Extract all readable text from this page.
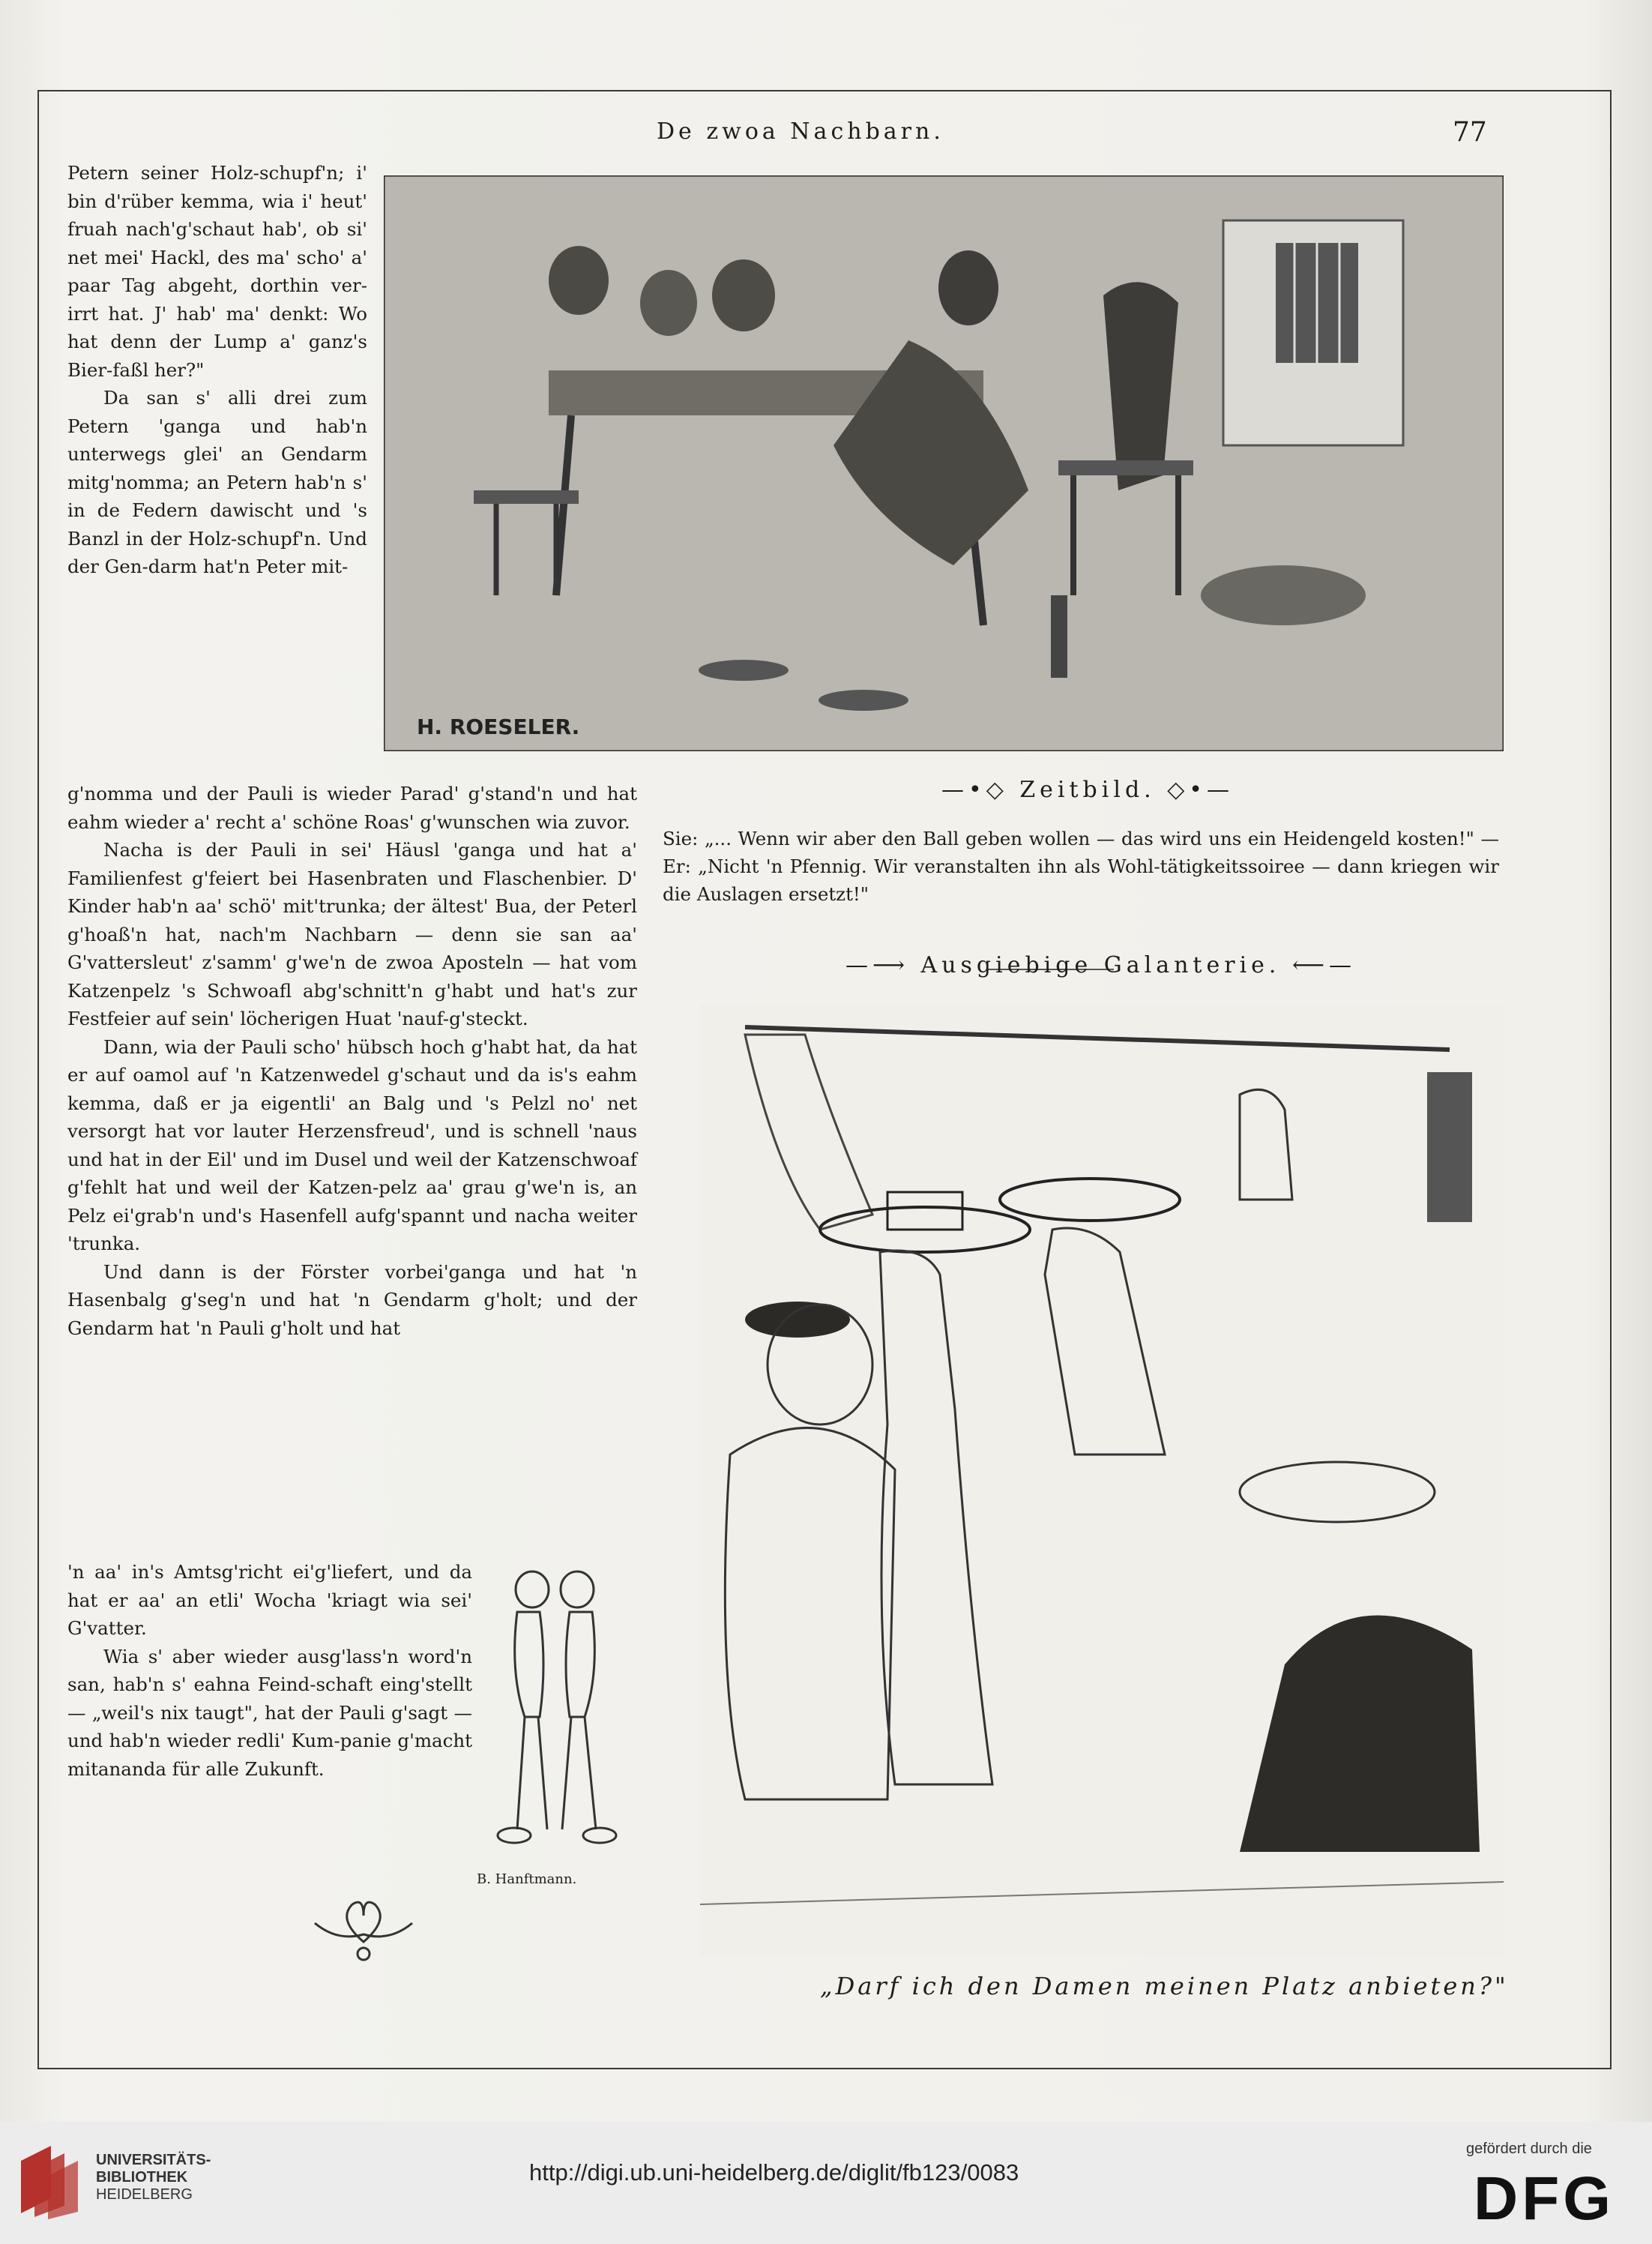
De zwoa Nachbarn.	77

Petern seiner Holz-schupf'n; i' bin d'rüber kemma, wia i' heut' fruah nach'g'schaut hab', ob si' net mei' Hackl, des ma' scho' a' paar Tag abgeht, dorthin ver-irrt hat. J' hab' ma' denkt: Wo hat denn der Lump a' ganz's Bier-faßl her?"

Da san s' alli drei zum Petern 'ganga und hab'n unterwegs glei' an Gendarm mitg'nomma; an Petern hab'n s' in de Federn dawischt und 's Banzl in der Holz-schupf'n. Und der Gen-darm hat'n Peter mit-

H. ROESELER.

g'nomma und der Pauli is wieder Parad' g'stand'n und hat eahm wieder a' recht a' schöne Roas' g'wunschen wia zuvor.

Nacha is der Pauli in sei' Häusl 'ganga und hat a' Familienfest g'feiert bei Hasenbraten und Flaschenbier. D' Kinder hab'n aa' schö' mit'trunka; der ältest' Bua, der Peterl g'hoaß'n hat, nach'm Nachbarn — denn sie san aa' G'vattersleut' z'samm' g'we'n de zwoa Aposteln — hat vom Katzenpelz 's Schwoafl abg'schnitt'n g'habt und hat's zur Festfeier auf sein' löcherigen Huat 'nauf-g'steckt.

Dann, wia der Pauli scho' hübsch hoch g'habt hat, da hat er auf oamol auf 'n Katzenwedel g'schaut und da is's eahm kemma, daß er ja eigentli' an Balg und 's Pelzl no' net versorgt hat vor lauter Herzensfreud', und is schnell 'naus und hat in der Eil' und im Dusel und weil der Katzenschwoaf g'fehlt hat und weil der Katzen-pelz aa' grau g'we'n is, an Pelz ei'grab'n und's Hasenfell aufg'spannt und nacha weiter 'trunka.

Und dann is der Förster vorbei'ganga und hat 'n Hasenbalg g'seg'n und hat 'n Gendarm g'holt; und der Gendarm hat 'n Pauli g'holt und hat

'n aa' in's Amtsg'richt ei'g'liefert, und da hat er aa' an etli' Wocha 'kriagt wia sei' G'vatter.

Wia s' aber wieder ausg'lass'n word'n san, hab'n s' eahna Feind-schaft eing'stellt — „weil's nix taugt", hat der Pauli g'sagt — und hab'n wieder redli' Kum-panie g'macht mitananda für alle Zukunft.

B. Hanftmann.
—•◇ Zeitbild. ◇•—
Sie: „... Wenn wir aber den Ball geben wollen — das wird uns ein Heidengeld kosten!" — Er: „Nicht 'n Pfennig. Wir veranstalten ihn als Wohl-tätigkeitssoiree — dann kriegen wir die Auslagen ersetzt!"
—⟶ Ausgiebige Galanterie. ⟵—
„Darf ich den Damen meinen Platz anbieten?"
UNIVERSITÄTS-
BIBLIOTHEK
HEIDELBERG
http://digi.ub.uni-heidelberg.de/diglit/fb123/0083
gefördert durch die
DFG
